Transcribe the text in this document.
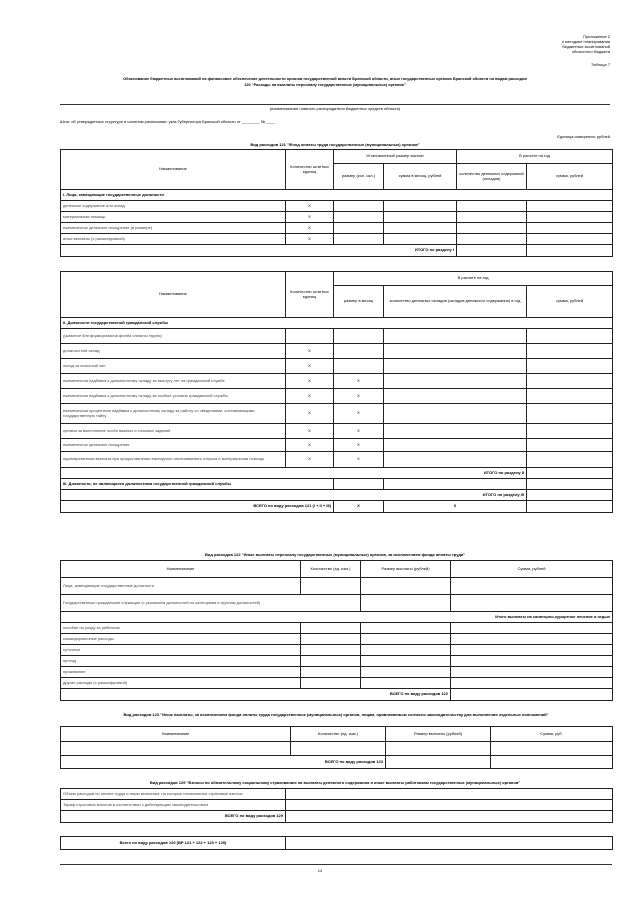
Приложение 2
к методике планирования
бюджетных ассигнований
областного бюджета
Таблица 7
Обоснование бюджетных ассигнований на финансовое обеспечение деятельности органов государственной власти Брянской области, иных государственных органов Брянской области по видам расходов
120 "Расходы на выплаты персоналу государственных (муниципальных) органов"
(наименование главного распорядителя бюджетных средств области)
Штат. об утвержденных структуре и штатном расписании: указ Губернатора Брянской области от ________ № ____
Единица измерения: рублей
Вид расходов 121 "Фонд оплаты труда государственных (муниципальных) органов"
Наименование	Количество штатных единиц	Установленный размер выплат		В расчете на год	
		размер (кол. окл.)	сумма в месяц, рублей	количество денежных содержаний (окладов)	сумма, рублей
I. Лица, замещающие государственные должности					
денежное содержание или оклад	X				
материальная помощь	X				
ежемесячное денежное поощрение (в размере)	X				
иные выплаты (с расшифровкой)	X				
ИТОГО по разделу I					
Наименование	Количество штатных единиц	В расчете на год		
		размер в месяц	количество денежных окладов (окладов денежного содержания) в год	сумма, рублей
II. Должности государственной гражданской службы				
(указание для формирования фонда оплаты труда)				
должностной оклад	X			
оклад за классный чин	X			
ежемесячная надбавка к должностному окладу за выслугу лет на гражданской службе	X	X		
ежемесячная надбавка к должностному окладу за особые условия гражданской службы	X	X		
ежемесячная процентная надбавка к должностному окладу за работу со сведениями, составляющими государственную тайну	X	X		
премии за выполнение особо важных и сложных заданий	X	X		
ежемесячное денежное поощрение	X	X		
единовременная выплата при предоставлении ежегодного оплачиваемого отпуска и материальная помощь	X	X		
ИТОГО по разделу II				
III. Должности, не являющиеся должностями государственной гражданской службы				
ИТОГО по разделу III				
ВСЕГО по виду расходов 121 (I + II + III)		X	X	
Вид расходов 122 "Иные выплаты персоналу государственных (муниципальных) органов, за исключением фонда оплаты труда"
Наименование	Количество (ед. изм.)	Размер выплаты (рублей)	Сумма, рублей
Лица, замещающие государственные должности			
Государственные гражданские служащие (с указанием должностей по категориям и группам должностей)			
Итого выплаты на санаторно-курортное лечение и отдых			
пособие по уходу за ребенком			
командировочные расходы			
суточные			
проезд			
проживание			
другие расходы (с расшифровкой)			
ВСЕГО по виду расходов 122			
Вид расходов 123 "Иные выплаты, за исключением фонда оплаты труда государственных (муниципальных) органов, лицам, привлекаемым согласно законодательству для выполнения отдельных полномочий"
Наименование	Количество (ед. изм.)	Размер выплаты (рублей)	Сумма, руб.

ВСЕГО по виду расходов 123			
Вид расходов 129 "Взносы по обязательному социальному страхованию на выплаты денежного содержания и иные выплаты работникам государственных (муниципальных) органов"
Объем расходов по оплате труда и иным выплатам, на которые начисляются страховые взносы	
Тариф страховых взносов в соответствии с действующим законодательством	
ВСЕГО по виду расходов 129	
Всего по виду расходов 120 (ВР 121 + 122 + 123 + 129)	
14
